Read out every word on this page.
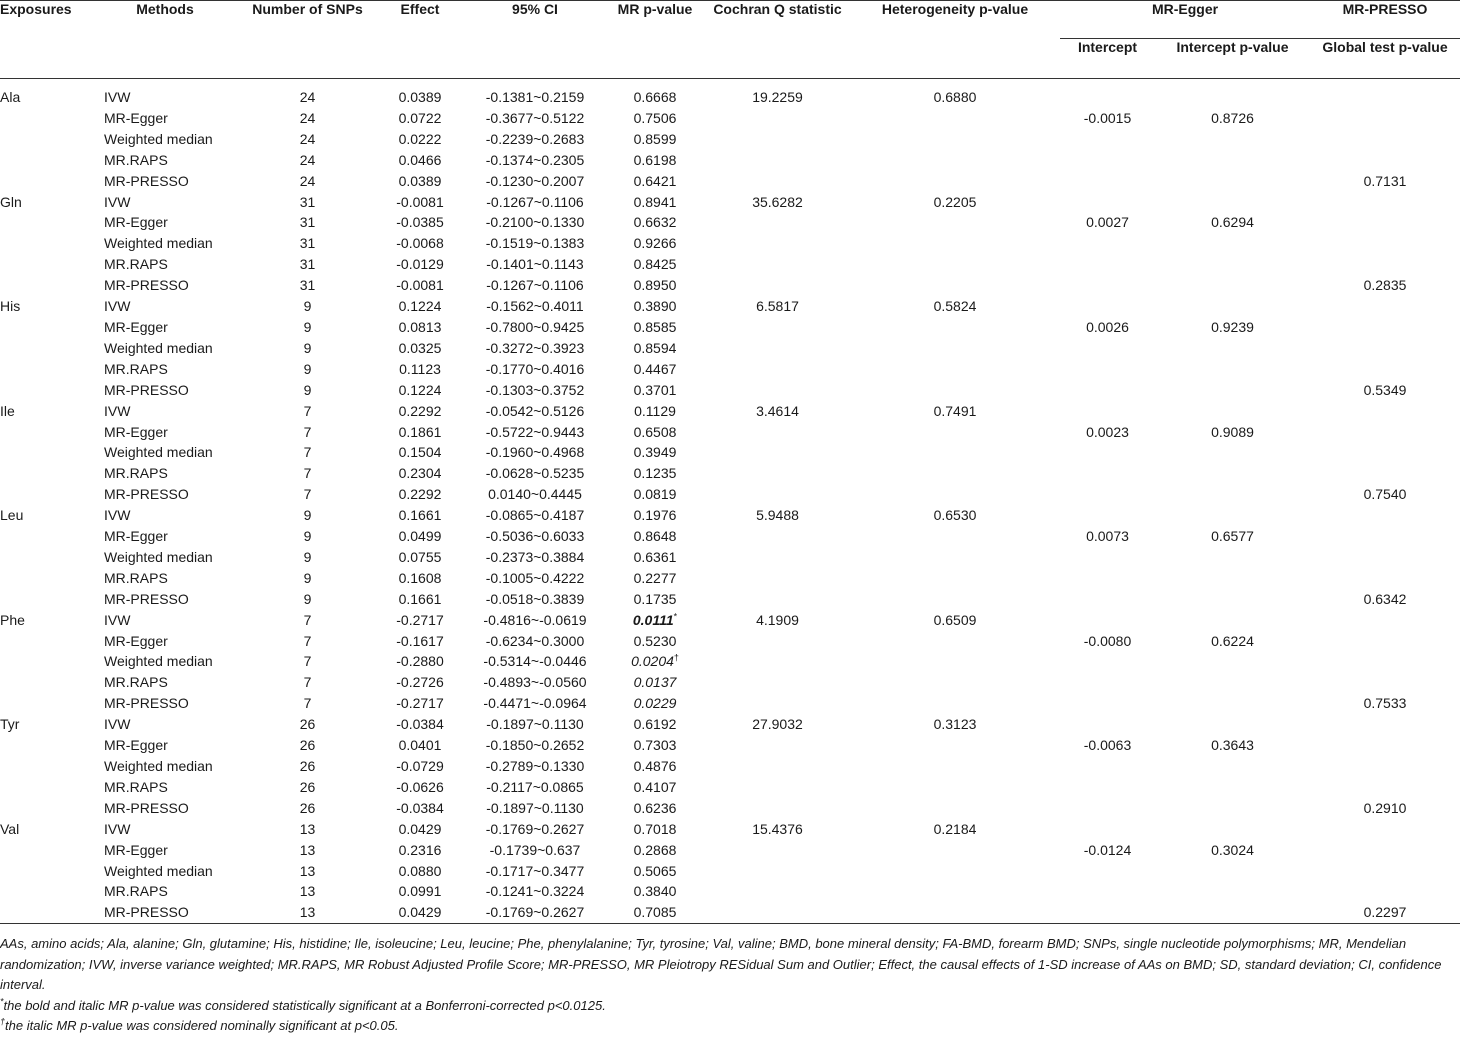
Exposures	Methods	Number of SNPs	Effect	95% CI	MR p-value	Cochran Q statistic	Heterogeneity p-value	MR-Egger		MR-PRESSO
								Intercept	Intercept p-value	Global test p-value

Ala	IVW	24	0.0389	-0.1381~0.2159	0.6668	19.2259	0.6880			
	MR-Egger	24	0.0722	-0.3677~0.5122	0.7506			-0.0015	0.8726	
	Weighted median	24	0.0222	-0.2239~0.2683	0.8599					
	MR.RAPS	24	0.0466	-0.1374~0.2305	0.6198					
	MR-PRESSO	24	0.0389	-0.1230~0.2007	0.6421					0.7131
Gln	IVW	31	-0.0081	-0.1267~0.1106	0.8941	35.6282	0.2205			
	MR-Egger	31	-0.0385	-0.2100~0.1330	0.6632			0.0027	0.6294	
	Weighted median	31	-0.0068	-0.1519~0.1383	0.9266					
	MR.RAPS	31	-0.0129	-0.1401~0.1143	0.8425					
	MR-PRESSO	31	-0.0081	-0.1267~0.1106	0.8950					0.2835
His	IVW	9	0.1224	-0.1562~0.4011	0.3890	6.5817	0.5824			
	MR-Egger	9	0.0813	-0.7800~0.9425	0.8585			0.0026	0.9239	
	Weighted median	9	0.0325	-0.3272~0.3923	0.8594					
	MR.RAPS	9	0.1123	-0.1770~0.4016	0.4467					
	MR-PRESSO	9	0.1224	-0.1303~0.3752	0.3701					0.5349
Ile	IVW	7	0.2292	-0.0542~0.5126	0.1129	3.4614	0.7491			
	MR-Egger	7	0.1861	-0.5722~0.9443	0.6508			0.0023	0.9089	
	Weighted median	7	0.1504	-0.1960~0.4968	0.3949					
	MR.RAPS	7	0.2304	-0.0628~0.5235	0.1235					
	MR-PRESSO	7	0.2292	0.0140~0.4445	0.0819					0.7540
Leu	IVW	9	0.1661	-0.0865~0.4187	0.1976	5.9488	0.6530			
	MR-Egger	9	0.0499	-0.5036~0.6033	0.8648			0.0073	0.6577	
	Weighted median	9	0.0755	-0.2373~0.3884	0.6361					
	MR.RAPS	9	0.1608	-0.1005~0.4222	0.2277					
	MR-PRESSO	9	0.1661	-0.0518~0.3839	0.1735					0.6342
Phe	IVW	7	-0.2717	-0.4816~-0.0619	0.0111*	4.1909	0.6509			
	MR-Egger	7	-0.1617	-0.6234~0.3000	0.5230			-0.0080	0.6224	
	Weighted median	7	-0.2880	-0.5314~-0.0446	0.0204†					
	MR.RAPS	7	-0.2726	-0.4893~-0.0560	0.0137					
	MR-PRESSO	7	-0.2717	-0.4471~-0.0964	0.0229					0.7533
Tyr	IVW	26	-0.0384	-0.1897~0.1130	0.6192	27.9032	0.3123			
	MR-Egger	26	0.0401	-0.1850~0.2652	0.7303			-0.0063	0.3643	
	Weighted median	26	-0.0729	-0.2789~0.1330	0.4876					
	MR.RAPS	26	-0.0626	-0.2117~0.0865	0.4107					
	MR-PRESSO	26	-0.0384	-0.1897~0.1130	0.6236					0.2910
Val	IVW	13	0.0429	-0.1769~0.2627	0.7018	15.4376	0.2184			
	MR-Egger	13	0.2316	-0.1739~0.637	0.2868			-0.0124	0.3024	
	Weighted median	13	0.0880	-0.1717~0.3477	0.5065					
	MR.RAPS	13	0.0991	-0.1241~0.3224	0.3840					
	MR-PRESSO	13	0.0429	-0.1769~0.2627	0.7085					0.2297

AAs, amino acids; Ala, alanine; Gln, glutamine; His, histidine; Ile, isoleucine; Leu, leucine; Phe, phenylalanine; Tyr, tyrosine; Val, valine; BMD, bone mineral density; FA-BMD, forearm BMD; SNPs, single nucleotide polymorphisms; MR, Mendelian randomization; IVW, inverse variance weighted; MR.RAPS, MR Robust Adjusted Profile Score; MR-PRESSO, MR Pleiotropy RESidual Sum and Outlier; Effect, the causal effects of 1-SD increase of AAs on BMD; SD, standard deviation; CI, confidence interval.

*the bold and italic MR p-value was considered statistically significant at a Bonferroni-corrected p<0.0125.

†the italic MR p-value was considered nominally significant at p<0.05.
